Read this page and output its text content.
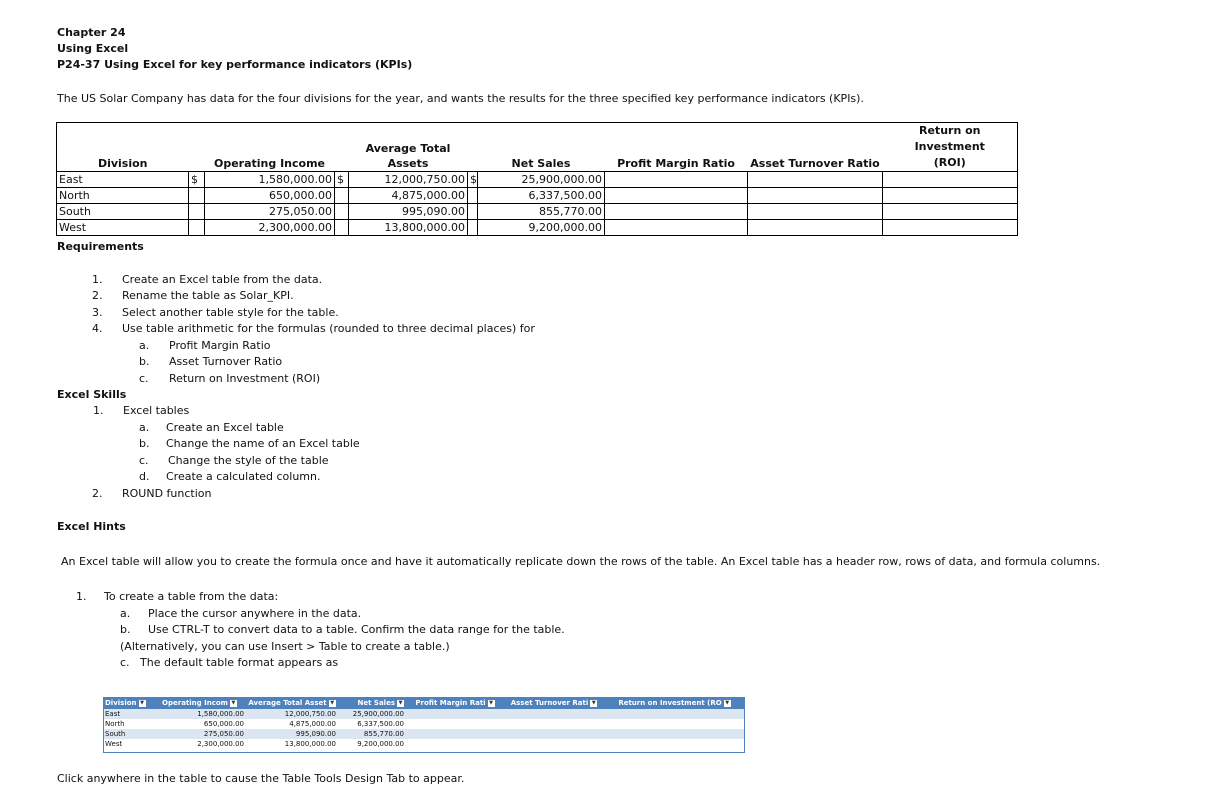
Chapter 24
Using Excel
P24-37 Using Excel for key performance indicators (KPIs)
The US Solar Company has data for the four divisions for the year, and wants the results for the three specified key performance indicators (KPIs).
Division		Operating Income		Average Total Assets		Net Sales	Profit Margin Ratio	Asset Turnover Ratio	Return on Investment
(ROI)
East	$	1,580,000.00	$	12,000,750.00	$	25,900,000.00			
North		650,000.00		4,875,000.00		6,337,500.00			
South		275,050.00		995,090.00		855,770.00			
West		2,300,000.00		13,800,000.00		9,200,000.00			
Requirements
1. Create an Excel table from the data.
2. Rename the table as Solar_KPI.
3. Select another table style for the table.
4. Use table arithmetic for the formulas (rounded to three decimal places) for
a. Profit Margin Ratio
b. Asset Turnover Ratio
c. Return on Investment (ROI)
Excel Skills
1. Excel tables
a. Create an Excel table
b. Change the name of an Excel table
c. Change the style of the table
d. Create a calculated column.
2. ROUND function
Excel Hints
An Excel table will allow you to create the formula once and have it automatically replicate down the rows of the table. An Excel table has a header row, rows of data, and formula columns.
1. To create a table from the data:
a. Place the cursor anywhere in the data.
b. Use CTRL-T to convert data to a table. Confirm the data range for the table.
(Alternatively, you can use Insert > Table to create a table.)
c. The default table format appears as
Division ▼	Operating Incom ▼	Average Total Asset ▼	Net Sales ▼	Profit Margin Rati ▼	Asset Turnover Rati ▼	Return on Investment (RO ▼
East	1,580,000.00	12,000,750.00	25,900,000.00			
North	650,000.00	4,875,000.00	6,337,500.00			
South	275,050.00	995,090.00	855,770.00			
West	2,300,000.00	13,800,000.00	9,200,000.00			
Click anywhere in the table to cause the Table Tools Design Tab to appear.
